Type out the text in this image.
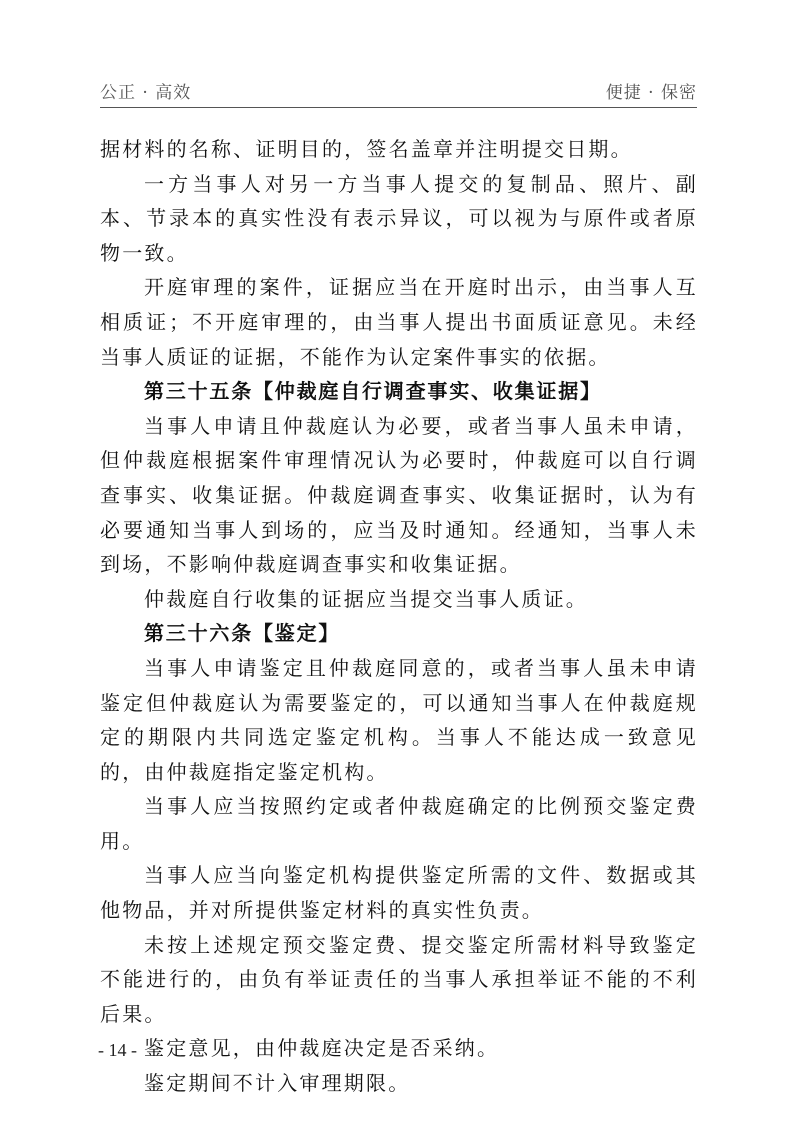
公正 · 高效	便捷 · 保密

据材料的名称、证明目的，签名盖章并注明提交日期。

一方当事人对另一方当事人提交的复制品、照片、副本、节录本的真实性没有表示异议，可以视为与原件或者原物一致。

开庭审理的案件，证据应当在开庭时出示，由当事人互相质证；不开庭审理的，由当事人提出书面质证意见。未经当事人质证的证据，不能作为认定案件事实的依据。

第三十五条【仲裁庭自行调查事实、收集证据】

当事人申请且仲裁庭认为必要，或者当事人虽未申请，但仲裁庭根据案件审理情况认为必要时，仲裁庭可以自行调查事实、收集证据。仲裁庭调查事实、收集证据时，认为有必要通知当事人到场的，应当及时通知。经通知，当事人未到场，不影响仲裁庭调查事实和收集证据。

仲裁庭自行收集的证据应当提交当事人质证。

第三十六条【鉴定】

当事人申请鉴定且仲裁庭同意的，或者当事人虽未申请鉴定但仲裁庭认为需要鉴定的，可以通知当事人在仲裁庭规定的期限内共同选定鉴定机构。当事人不能达成一致意见的，由仲裁庭指定鉴定机构。

当事人应当按照约定或者仲裁庭确定的比例预交鉴定费用。

当事人应当向鉴定机构提供鉴定所需的文件、数据或其他物品，并对所提供鉴定材料的真实性负责。

未按上述规定预交鉴定费、提交鉴定所需材料导致鉴定不能进行的，由负有举证责任的当事人承担举证不能的不利后果。

鉴定意见，由仲裁庭决定是否采纳。

鉴定期间不计入审理期限。

- 14 -
